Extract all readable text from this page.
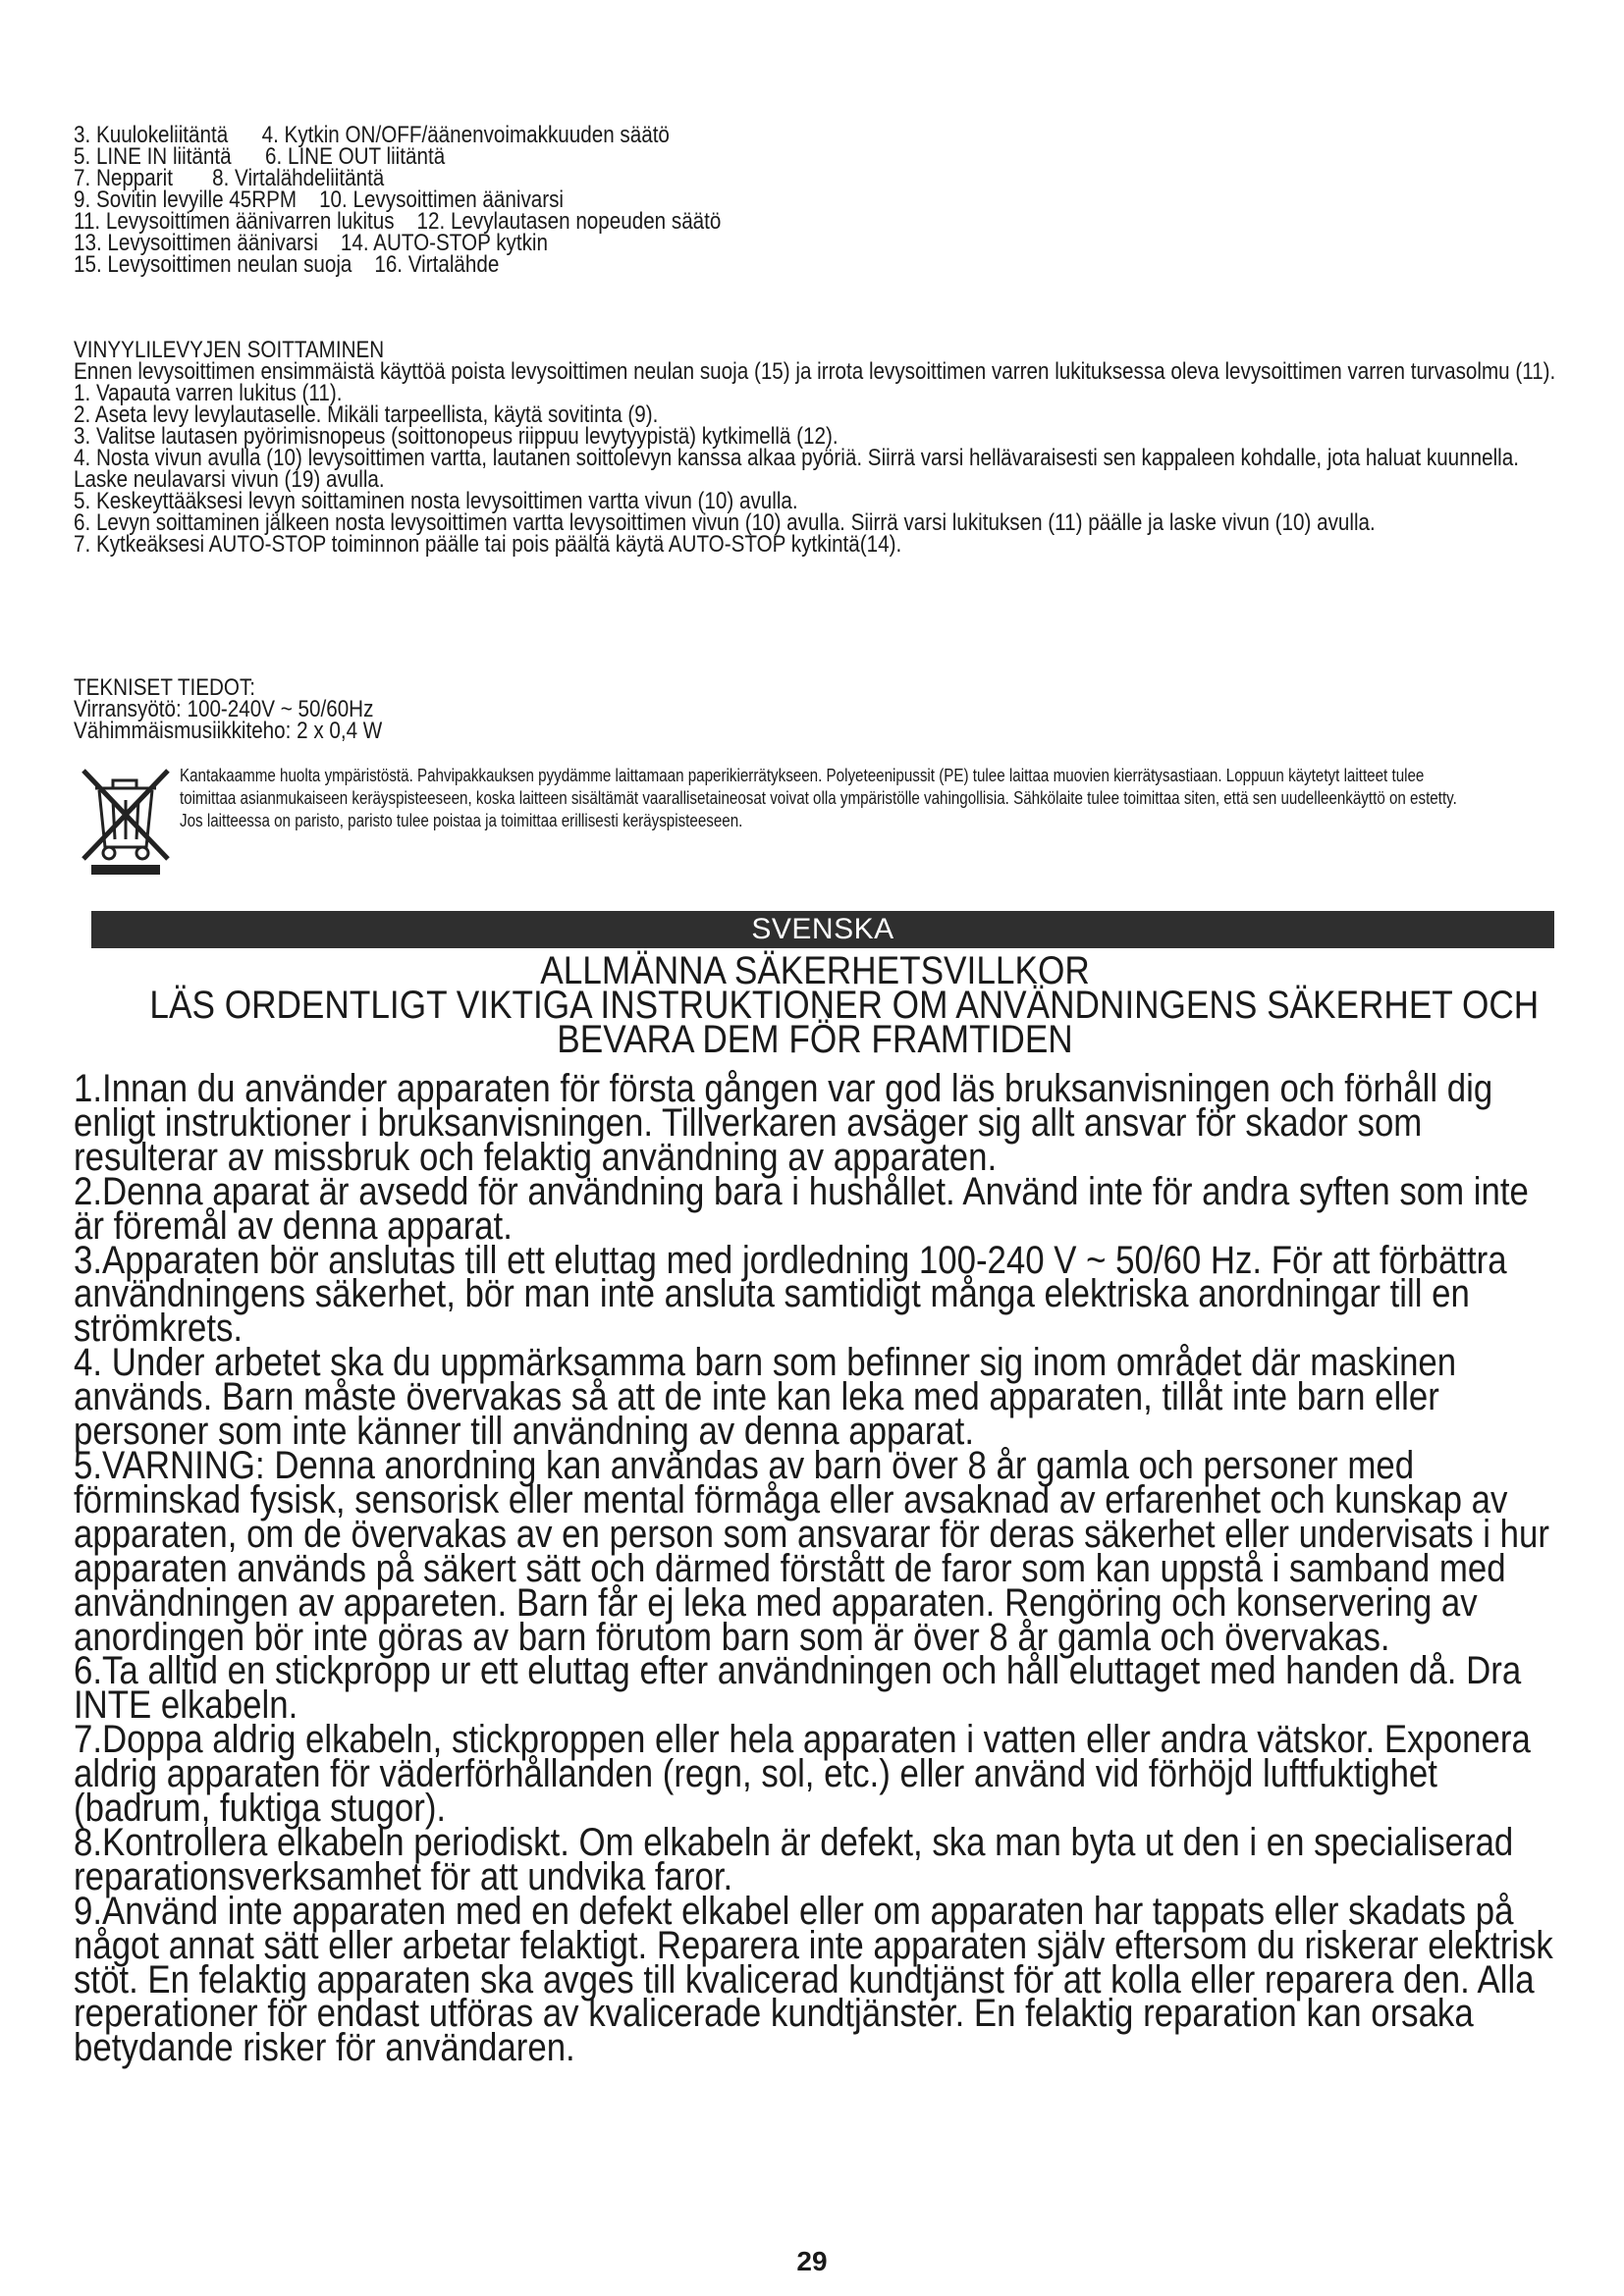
3. Kuulokeliitäntä      4. Kytkin ON/OFF/äänenvoimakkuuden säätö
5. LINE IN liitäntä      6. LINE OUT liitäntä
7. Nepparit       8. Virtalähdeliitäntä
9. Sovitin levyille 45RPM    10. Levysoittimen äänivarsi
11. Levysoittimen äänivarren lukitus    12. Levylautasen nopeuden säätö
13. Levysoittimen äänivarsi    14. AUTO-STOP kytkin
15. Levysoittimen neulan suoja    16. Virtalähde
VINYYLILEVYJEN SOITTAMINEN
Ennen levysoittimen ensimmäistä käyttöä poista levysoittimen neulan suoja (15) ja irrota levysoittimen varren lukituksessa oleva levysoittimen varren turvasolmu (11).
1. Vapauta varren lukitus (11).
2. Aseta levy levylautaselle. Mikäli tarpeellista, käytä sovitinta (9).
3. Valitse lautasen pyörimisnopeus (soittonopeus riippuu levytyypistä) kytkimellä (12).
4. Nosta vivun avulla (10) levysoittimen vartta, lautanen soittolevyn kanssa alkaa pyöriä. Siirrä varsi hellävaraisesti sen kappaleen kohdalle, jota haluat kuunnella. Laske neulavarsi vivun (19) avulla.
5. Keskeyttääksesi levyn soittaminen nosta levysoittimen vartta vivun (10) avulla.
6. Levyn soittaminen jälkeen nosta levysoittimen vartta levysoittimen vivun (10) avulla. Siirrä varsi lukituksen (11) päälle ja laske vivun (10) avulla.
7. Kytkeäksesi AUTO-STOP toiminnon päälle tai pois päältä käytä AUTO-STOP kytkintä(14).
TEKNISET TIEDOT:
Virransyötö: 100-240V ~ 50/60Hz
Vähimmäismusiikkiteho: 2 x 0,4 W
Kantakaamme huolta ympäristöstä. Pahvipakkauksen pyydämme laittamaan paperikierrätykseen. Polyeteenipussit (PE) tulee laittaa muovien kierrätysastiaan. Loppuun käytetyt laitteet tulee toimittaa asianmukaiseen keräyspisteeseen, koska laitteen sisältämät vaarallisetaineosat voivat olla ympäristölle vahingollisia. Sähkölaite tulee toimittaa siten, että sen uudelleenkäyttö on estetty. Jos laitteessa on paristo, paristo tulee poistaa ja toimittaa erillisesti keräyspisteeseen.
SVENSKA
ALLMÄNNA SÄKERHETSVILLKOR
LÄS ORDENTLIGT VIKTIGA INSTRUKTIONER OM ANVÄNDNINGENS SÄKERHET OCH
BEVARA DEM FÖR FRAMTIDEN

1.Innan du använder apparaten för första gången var god läs bruksanvisningen och förhåll dig enligt instruktioner i bruksanvisningen. Tillverkaren avsäger sig allt ansvar för skador som resulterar av missbruk och felaktig användning av apparaten.

2.Denna aparat är avsedd för användning bara i hushållet. Använd inte för andra syften som inte är föremål av denna apparat.

3.Apparaten bör anslutas till ett eluttag med jordledning 100-240 V ~ 50/60 Hz. För att förbättra användningens säkerhet, bör man inte ansluta samtidigt många elektriska anordningar till en strömkrets.

4. Under arbetet ska du uppmärksamma barn som befinner sig inom området där maskinen används. Barn måste övervakas så att de inte kan leka med apparaten, tillåt inte barn eller personer som inte känner till användning av denna apparat.

5.VARNING: Denna anordning kan användas av barn över 8 år gamla och personer med förminskad fysisk, sensorisk eller mental förmåga eller avsaknad av erfarenhet och kunskap av apparaten, om de övervakas av en person som ansvarar för deras säkerhet eller undervisats i hur apparaten används på säkert sätt och därmed förstått de faror som kan uppstå i samband med användningen av appareten. Barn får ej leka med apparaten. Rengöring och konservering av anordingen bör inte göras av barn förutom barn som är över 8 år gamla och övervakas.

6.Ta alltid en stickpropp ur ett eluttag efter användningen och håll eluttaget med handen då. Dra INTE elkabeln.

7.Doppa aldrig elkabeln, stickproppen eller hela apparaten i vatten eller andra vätskor. Exponera aldrig apparaten för väderförhållanden (regn, sol, etc.) eller använd vid förhöjd luftfuktighet (badrum, fuktiga stugor).

8.Kontrollera elkabeln periodiskt. Om elkabeln är defekt, ska man byta ut den i en specialiserad reparationsverksamhet för att undvika faror.

9.Använd inte apparaten med en defekt elkabel eller om apparaten har tappats eller skadats på något annat sätt eller arbetar felaktigt. Reparera inte apparaten själv eftersom du riskerar elektrisk stöt. En felaktig apparaten ska avges till kvalicerad kundtjänst för att kolla eller reparera den. Alla reperationer för endast utföras av kvalicerade kundtjänster. En felaktig reparation kan orsaka betydande risker för användaren.

29
